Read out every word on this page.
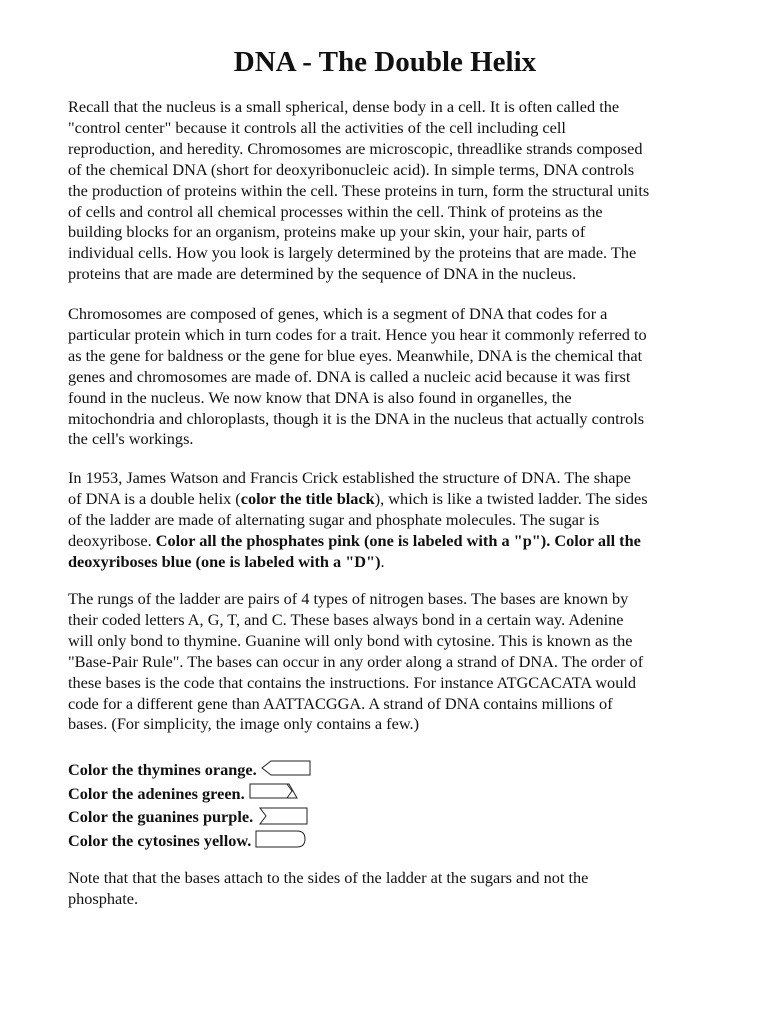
DNA - The Double Helix
Recall that the nucleus is a small spherical, dense body in a cell. It is often called the
"control center" because it controls all the activities of the cell including cell
reproduction, and heredity. Chromosomes are microscopic, threadlike strands composed
of the chemical DNA (short for deoxyribonucleic acid). In simple terms, DNA controls
the production of proteins within the cell. These proteins in turn, form the structural units
of cells and control all chemical processes within the cell. Think of proteins as the
building blocks for an organism, proteins make up your skin, your hair, parts of
individual cells. How you look is largely determined by the proteins that are made. The
proteins that are made are determined by the sequence of DNA in the nucleus.
Chromosomes are composed of genes, which is a segment of DNA that codes for a
particular protein which in turn codes for a trait. Hence you hear it commonly referred to
as the gene for baldness or the gene for blue eyes. Meanwhile, DNA is the chemical that
genes and chromosomes are made of. DNA is called a nucleic acid because it was first
found in the nucleus. We now know that DNA is also found in organelles, the
mitochondria and chloroplasts, though it is the DNA in the nucleus that actually controls
the cell's workings.
In 1953, James Watson and Francis Crick established the structure of DNA. The shape
of DNA is a double helix (color the title black), which is like a twisted ladder. The sides
of the ladder are made of alternating sugar and phosphate molecules. The sugar is
deoxyribose. Color all the phosphates pink (one is labeled with a "p"). Color all the
deoxyriboses blue (one is labeled with a "D").
The rungs of the ladder are pairs of 4 types of nitrogen bases. The bases are known by
their coded letters A, G, T, and C. These bases always bond in a certain way. Adenine
will only bond to thymine. Guanine will only bond with cytosine. This is known as the
"Base-Pair Rule". The bases can occur in any order along a strand of DNA. The order of
these bases is the code that contains the instructions. For instance ATGCACATA would
code for a different gene than AATTACGGA. A strand of DNA contains millions of
bases. (For simplicity, the image only contains a few.)
Color the thymines orange.
Color the adenines green.
Color the guanines purple.
Color the cytosines yellow.
Note that that the bases attach to the sides of the ladder at the sugars and not the
phosphate.
